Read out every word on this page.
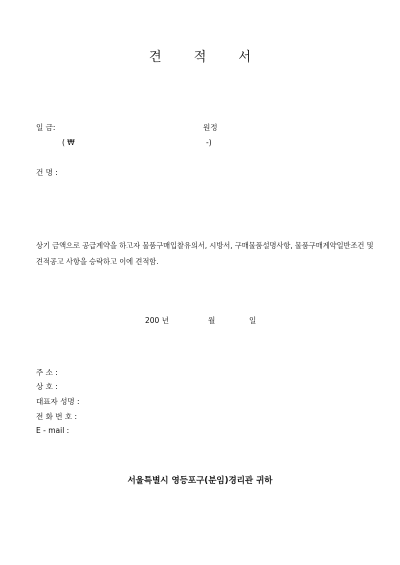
견 적 서
일 금:	원정
( ₩	-)
건 명 :
상기 금액으로 공급계약을 하고자 물품구매입찰유의서, 시방서, 구매물품설명사항, 물품구매계약일반조건 및 견적공고 사항을 승락하고 이에 견적함.
200 년	월	일
주 소 :
상 호 :
대표자 성명 :
전 화 번 호 :
E - mail :
서울특별시 영등포구(분임)경리관 귀하
